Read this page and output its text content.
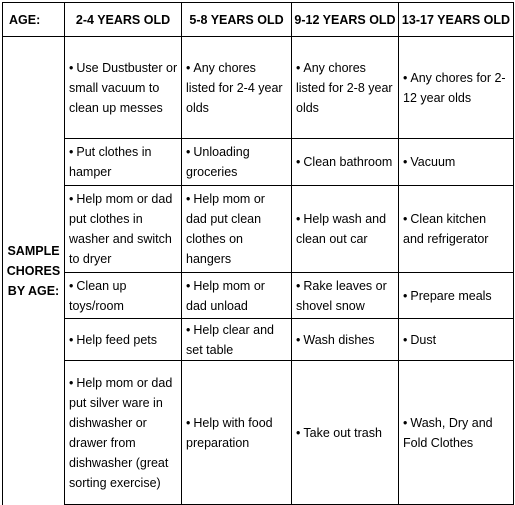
AGE:	2-4 YEARS OLD	5-8 YEARS OLD	9-12 YEARS OLD	13-17 YEARS OLD

SAMPLE
CHORES
BY AGE:	• Use Dustbuster or small vacuum to clean up messes	• Any chores listed for 2-4 year olds	• Any chores listed for 2-8 year olds	• Any chores for 2-12 year olds
	• Put clothes in hamper	• Unloading groceries	• Clean bathroom	• Vacuum
	• Help mom or dad put clothes in washer and switch to dryer	• Help mom or dad put clean clothes on hangers	• Help wash and clean out car	• Clean kitchen and refrigerator
	• Clean up toys/room	• Help mom or dad unload	• Rake leaves or shovel snow	• Prepare meals
	• Help feed pets	• Help clear and set table	• Wash dishes	• Dust
	• Help mom or dad put silver ware in dishwasher or drawer from dishwasher (great sorting exercise)	• Help with food preparation	• Take out trash	• Wash, Dry and Fold Clothes
